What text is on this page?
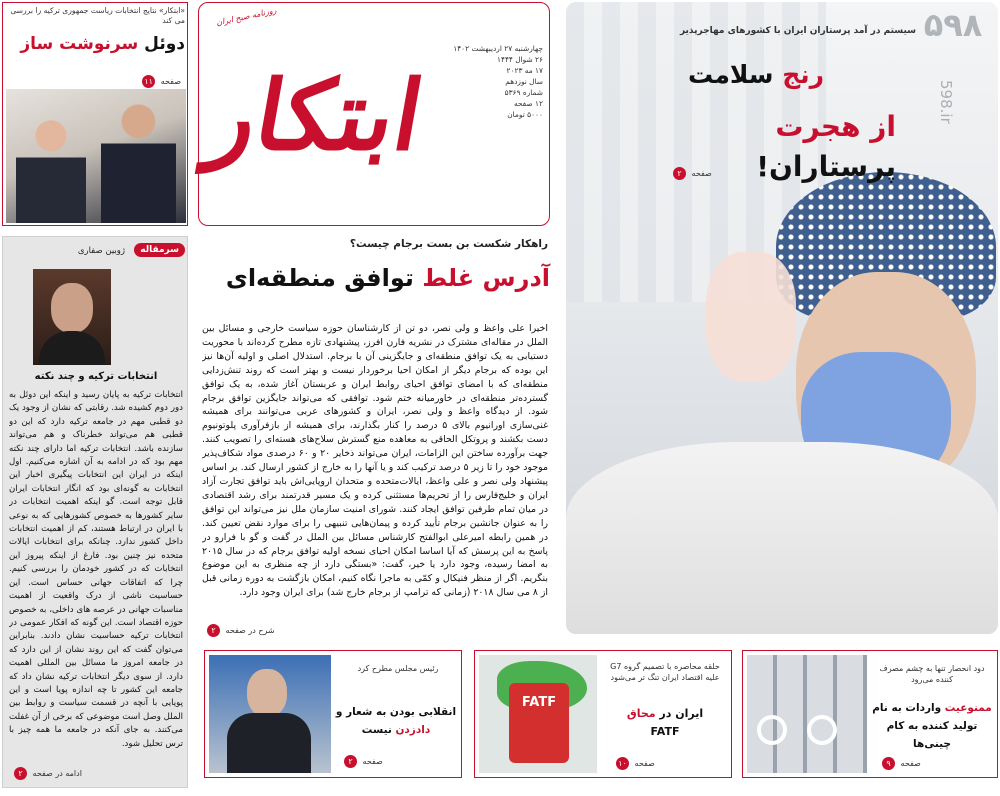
«ابتکار» نتایج انتخابات ریاست جمهوری ترکیه را بررسی می کند
دوئل سرنوشت ساز
صفحه ۱۱
سرمقاله
ژوبین صفاری
انتخابات ترکیه و چند نکته
انتخابات ترکیه به پایان رسید و اینکه این دوئل به دور دوم کشیده شد. رقابتی که نشان از وجود یک دو قطبی مهم در جامعه ترکیه دارد که این دو قطبی هم می‌تواند خطرناک و هم می‌تواند سازنده باشد. انتخابات ترکیه اما دارای چند نکته مهم بود که در ادامه به آن اشاره می‌کنیم. اول اینکه در ایران این انتخابات پیگیری اخبار این انتخابات به گونه‌ای بود که انگار انتخابات ایران قابل توجه است. گو اینکه اهمیت انتخابات در سایر کشورها به خصوص کشورهایی که به نوعی با ایران در ارتباط هستند، کم از اهمیت انتخابات داخل کشور ندارد. چنانکه برای انتخابات ایالات متحده نیز چنین بود. فارغ از اینکه پیروز این انتخابات که در کشور خودمان را بررسی کنیم. چرا که اتفاقات جهانی حساس است. این حساسیت ناشی از درک واقعیت از اهمیت مناسبات جهانی در عرصه های داخلی، به خصوص حوزه اقتصاد است. این گونه که افکار عمومی در انتخابات ترکیه حساسیت نشان دادند. بنابراین می‌توان گفت که این روند نشان از این دارد که در جامعه امروز ما مسائل بین المللی اهمیت دارد. از سوی دیگر انتخابات ترکیه نشان داد که جامعه این کشور تا چه اندازه پویا است و این پویایی با آنچه در قسمت سیاست و روابط بین الملل وصل است موضوعی که برخی از آن غفلت می‌کنند. به جای آنکه در جامعه ما همه چیز با ترس تحلیل شود.
ادامه در صفحه ۲
ابتکار
روزنامه صبح ایران
چهارشنبه ۲۷ اردیبهشت ۱۴۰۲
۲۶ شوال ۱۴۴۴
۱۷ مه ۲۰۲۳
سال نوزدهم
شماره ۵۳۶۹
۱۲ صفحه
۵۰۰۰ تومان
راهکار شکست بن بست برجام چیست؟
آدرس غلط توافق منطقه‌ای
اخیرا علی واعظ و ولی نصر، دو تن از کارشناسان حوزه سیاست خارجی و مسائل بین الملل در مقاله‌ای مشترک در نشریه فارن افرز، پیشنهادی تازه مطرح کرده‌اند با محوریت دستیابی به یک توافق منطقه‌ای و جایگزینی آن با برجام. استدلال اصلی و اولیه آن‌ها نیز این بوده که برجام دیگر از امکان احیا برخوردار نیست و بهتر است که روند تنش‌زدایی منطقه‌ای که با امضای توافق احیای روابط ایران و عربستان آغاز شده، به یک توافق گسترده‌تر منطقه‌ای در خاورمیانه ختم شود. توافقی که می‌تواند جایگزین توافق برجام شود. از دیدگاه واعظ و ولی نصر، ایران و کشورهای عربی می‌توانند برای همیشه غنی‌سازی اورانیوم بالای ۵ درصد را کنار بگذارند، برای همیشه از بازفرآوری پلوتونیوم دست بکشند و پروتکل الحاقی به معاهده منع گسترش سلاح‌های هسته‌ای را تصویب کنند. جهت برآورده ساختن این الزامات، ایران می‌تواند ذخایر ۲۰ و ۶۰ درصدی مواد شکاف‌پذیر موجود خود را تا زیر ۵ درصد ترکیب کند و یا آنها را به خارج از کشور ارسال کند. بر اساس پیشنهاد ولی نصر و علی واعظ، ایالات‌متحده و متحدان اروپایی‌اش باید توافق تجارت آزاد ایران و خلیج‌فارس را از تحریم‌ها مستثنی کرده و یک مسیر قدرتمند برای رشد اقتصادی در میان تمام طرفین توافق ایجاد کنند. شورای امنیت سازمان ملل نیز می‌تواند این توافق را به عنوان جانشین برجام تأیید کرده و پیمان‌هایی تنبیهی را برای موارد نقض تعیین کند. در همین رابطه امیرعلی ابوالفتح کارشناس مسائل بین الملل در گفت و گو با فرارو در پاسخ به این پرسش که آیا اساسا امکان احیای نسخه اولیه توافق برجام که در سال ۲۰۱۵ به امضا رسیده، وجود دارد یا خیر، گفت: «بستگی دارد از چه منظری به این موضوع بنگریم. اگر از منظر فنیکال و کمّی به ماجرا نگاه کنیم، امکان بازگشت به دوره زمانی قبل از ۸ می سال ۲۰۱۸ (زمانی که ترامپ از برجام خارج شد) برای ایران وجود دارد.
شرح در صفحه ۲
سیستم در آمد پرستاران ایران با کشورهای مهاجرپذیر
رنج سلامت
از هجرت پرستاران!
صفحه ۲
۵۹۸
598.ir
رئیس مجلس مطرح کرد
انقلابی بودن به شعار و دادزدن نیست
صفحه ۲
FATF
حلقه محاصره با تصمیم گروه G7 علیه اقتصاد ایران تنگ تر می‌شود
ایران در محاق
FATF
صفحه ۱۰
دود انحصار تنها به چشم مصرف کننده می‌رود
ممنوعیت واردات به نام
تولید کننده به کام چینی‌ها
صفحه ۹
